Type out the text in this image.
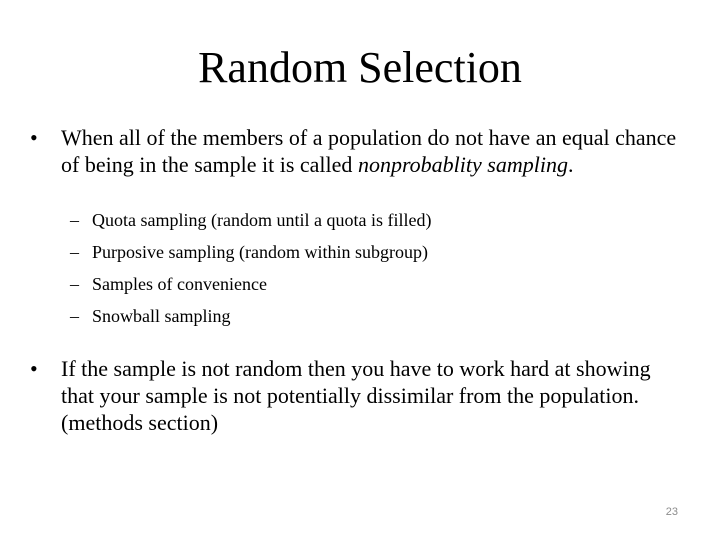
Random Selection
• When all of the members of a population do not have an equal chance of being in the sample it is called nonprobablity sampling.
– Quota sampling (random until a quota is filled)
– Purposive sampling (random within subgroup)
– Samples of convenience
– Snowball sampling
• If the sample is not random then you have to work hard at showing that your sample is not potentially dissimilar from the population. (methods section)
23
